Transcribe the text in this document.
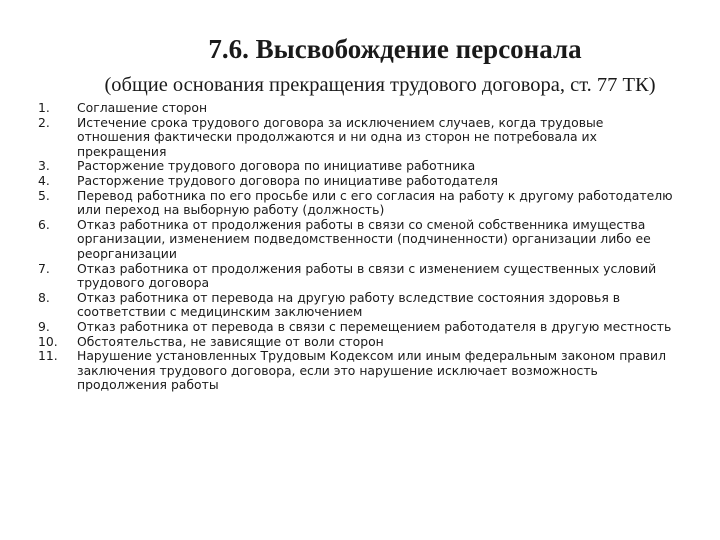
7.6. Высвобождение персонала
(общие основания прекращения трудового договора, ст. 77 ТК)
1.	Соглашение сторон
2.	Истечение срока трудового договора за исключением случаев, когда трудовые отношения фактически продолжаются и ни одна из сторон не потребовала их прекращения
3.	Расторжение трудового договора по инициативе работника
4.	Расторжение трудового договора по инициативе работодателя
5.	Перевод работника по его просьбе или с его согласия на работу к другому работодателю или переход на выборную работу (должность)
6.	Отказ работника от продолжения работы в связи со сменой собственника имущества организации, изменением подведомственности (подчиненности) организации либо ее реорганизации
7.	Отказ работника от продолжения работы в связи с изменением существенных условий трудового договора
8.	Отказ работника от перевода на другую работу вследствие состояния здоровья в соответствии с медицинским заключением
9.	Отказ работника от перевода в связи с перемещением работодателя в другую местность
10.	Обстоятельства, не зависящие от воли сторон
11.	Нарушение установленных Трудовым Кодексом или иным федеральным законом правил заключения трудового договора, если это нарушение исключает возможность продолжения работы
